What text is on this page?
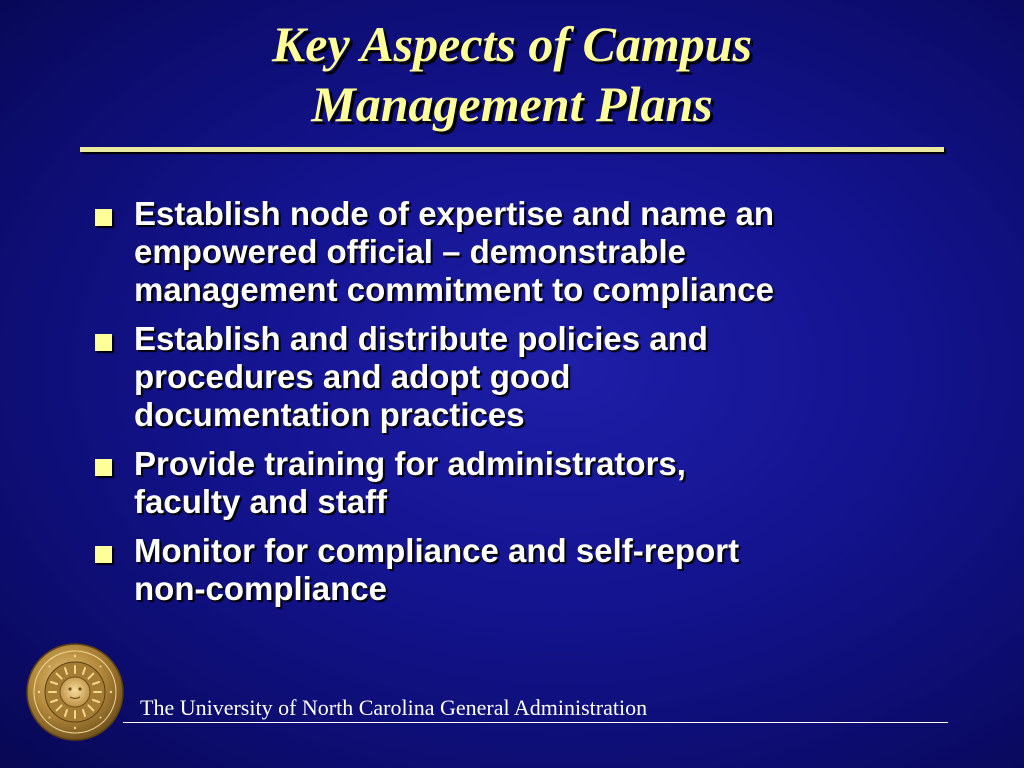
Key Aspects of Campus
Management Plans
Establish node of expertise and name an
empowered official – demonstrable
management commitment to compliance
Establish and distribute policies and
procedures and adopt good
documentation practices
Provide training for administrators,
faculty and staff
Monitor for compliance and self-report
non-compliance
The University of North Carolina General Administration
